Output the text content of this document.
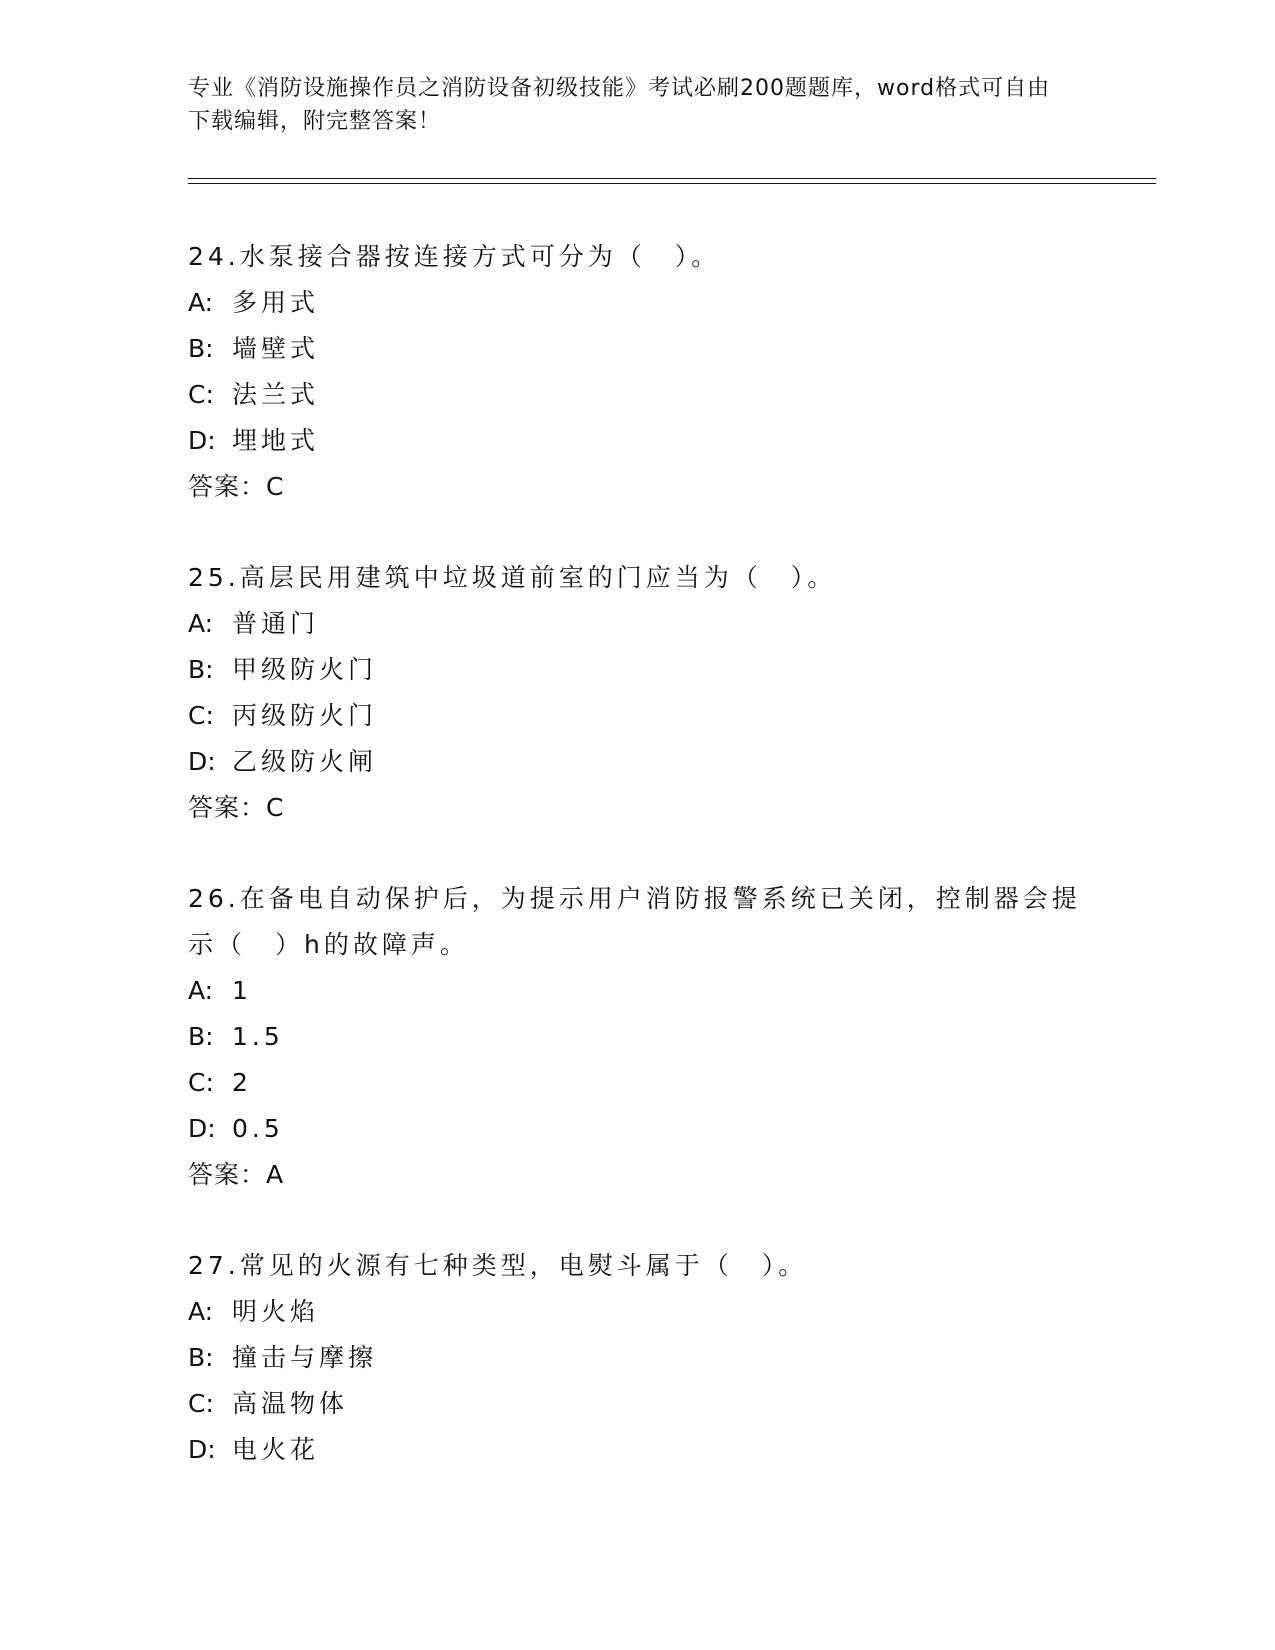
专业《消防设施操作员之消防设备初级技能》考试必刷200题题库，word格式可自由下载编辑，附完整答案！
24.水泵接合器按连接方式可分为（　）。
A: 多用式
B: 墙壁式
C: 法兰式
D: 埋地式
答案：C
25.高层民用建筑中垃圾道前室的门应当为（　）。
A: 普通门
B: 甲级防火门
C: 丙级防火门
D: 乙级防火闸
答案：C
26.在备电自动保护后，为提示用户消防报警系统已关闭，控制器会提示（　）h的故障声。
A: 1
B: 1.5
C: 2
D: 0.5
答案：A
27.常见的火源有七种类型，电熨斗属于（　）。
A: 明火焰
B: 撞击与摩擦
C: 高温物体
D: 电火花
